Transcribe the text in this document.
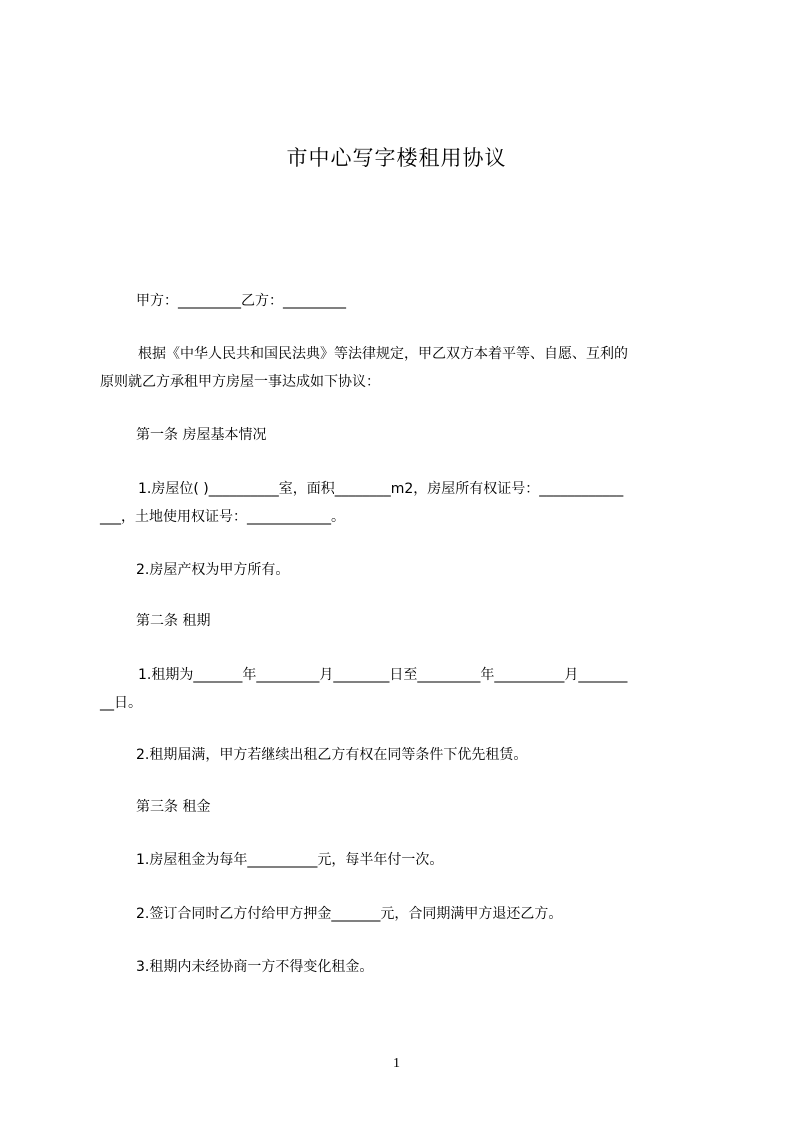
市中心写字楼租用协议
甲方：_________乙方：_________
根据《中华人民共和国民法典》等法律规定，甲乙双方本着平等、自愿、互利的
原则就乙方承租甲方房屋一事达成如下协议：
第一条 房屋基本情况
1.房屋位( )__________室，面积________m2，房屋所有权证号：____________
___，土地使用权证号：____________。
2.房屋产权为甲方所有。
第二条 租期
1.租期为_______年_________月________日至_________年__________月_______
__日。
2.租期届满，甲方若继续出租乙方有权在同等条件下优先租赁。
第三条 租金
1.房屋租金为每年__________元，每半年付一次。
2.签订合同时乙方付给甲方押金_______元，合同期满甲方退还乙方。
3.租期内未经协商一方不得变化租金。
1
